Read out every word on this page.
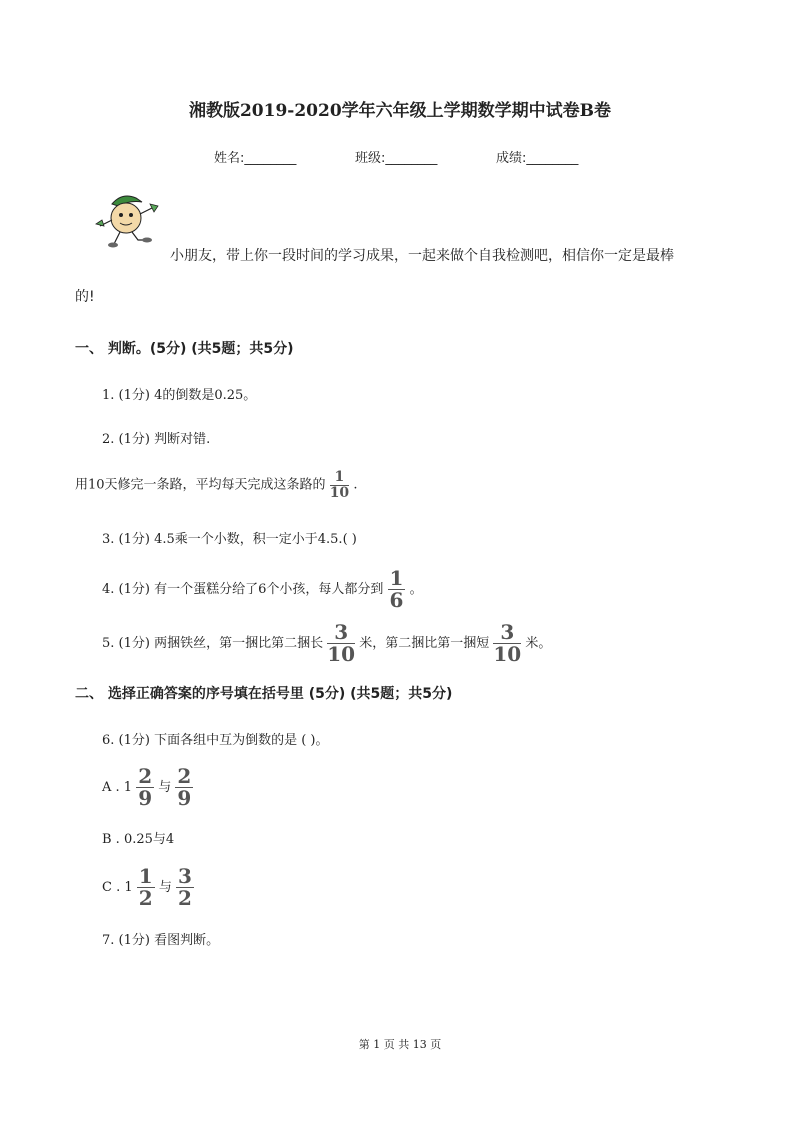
湘教版2019-2020学年六年级上学期数学期中试卷B卷
姓名:________	班级:________	成绩:________
小朋友，带上你一段时间的学习成果，一起来做个自我检测吧，相信你一定是最棒
的!
一、 判断。(5分) (共5题；共5分)
1. (1分) 4的倒数是0.25。
2. (1分) 判断对错.
用10天修完一条路，平均每天完成这条路的 $\frac{1}{10}$ .
3. (1分) 4.5乘一个小数，积一定小于4.5.( )
4. (1分) 有一个蛋糕分给了6个小孩，每人都分到 $\frac{1}{6}$ 。
5. (1分) 两捆铁丝，第一捆比第二捆长 $\frac{3}{10}$ 米，第二捆比第一捆短 $\frac{3}{10}$ 米。
二、 选择正确答案的序号填在括号里 (5分) (共5题；共5分)
6. (1分) 下面各组中互为倒数的是 ( )。
A . $1 \frac{2}{9}$ 与 $\frac{2}{9}$
B . 0.25与4
C . $1 \frac{1}{2}$ 与 $\frac{3}{2}$
7. (1分) 看图判断。
第 1 页 共 13 页
